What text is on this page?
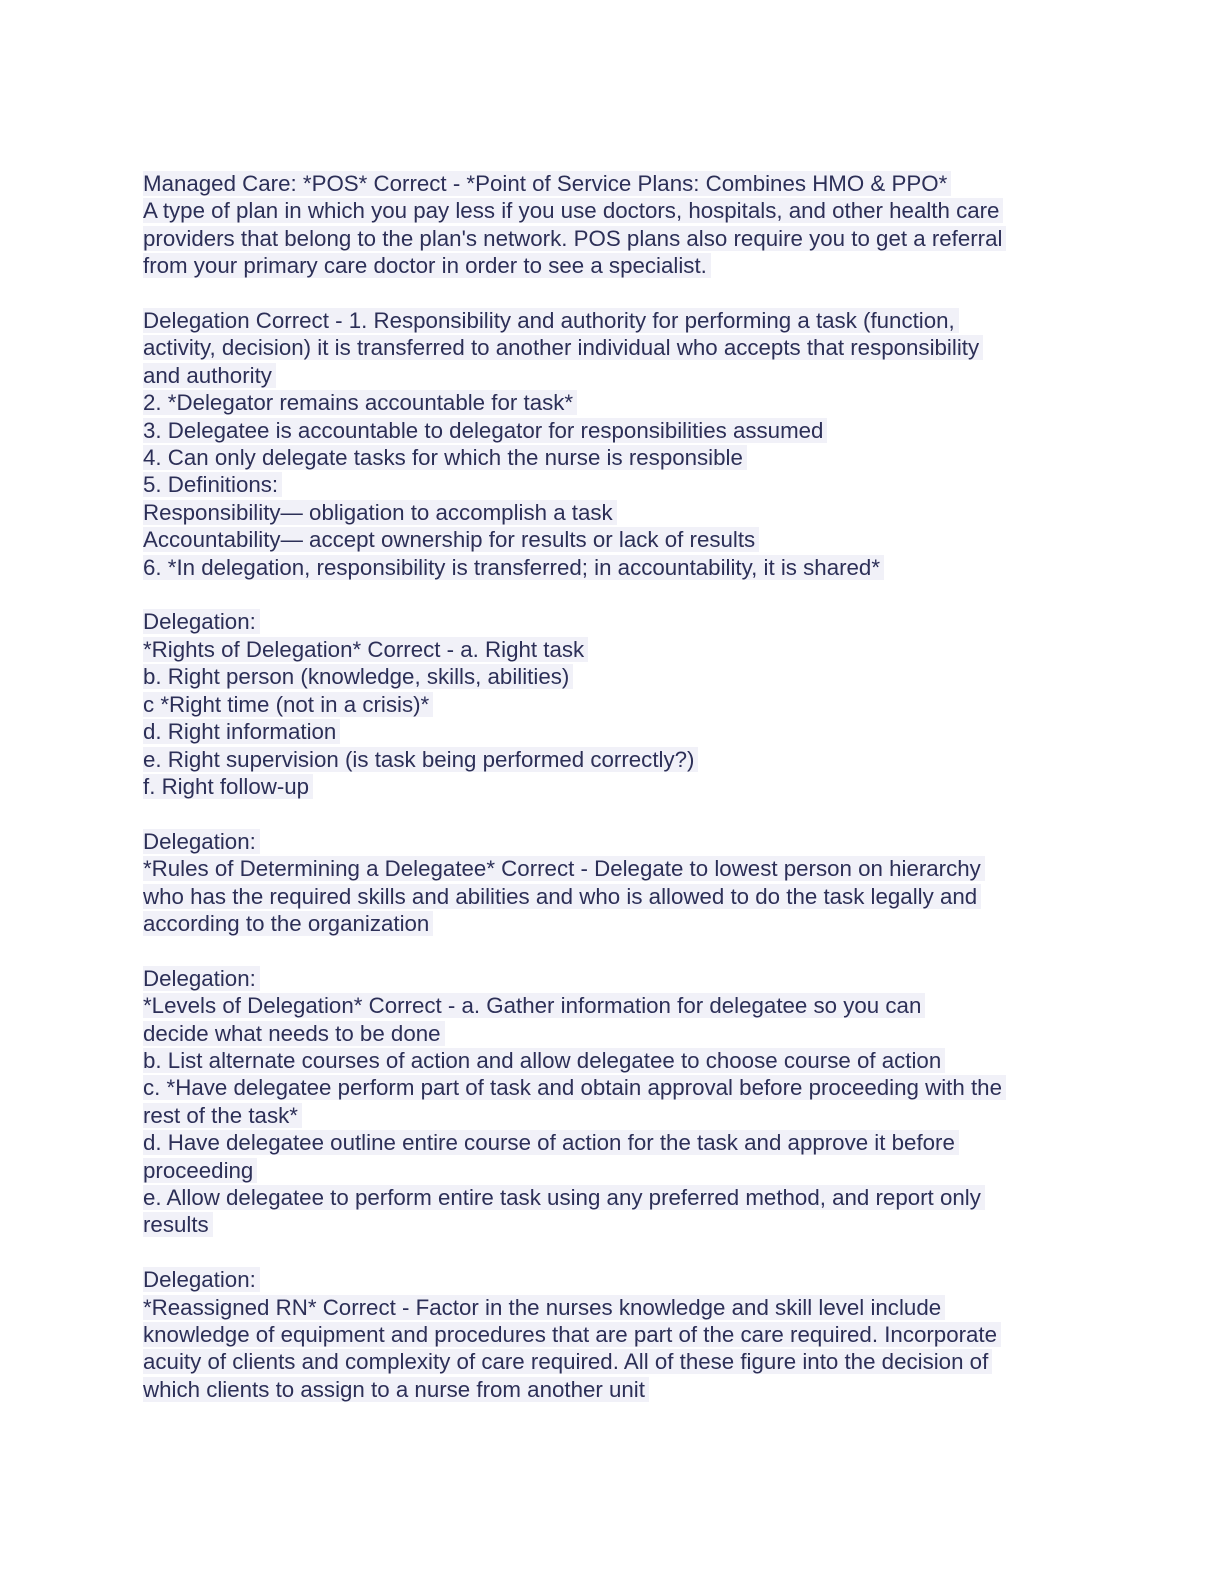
Managed Care: *POS* Correct - *Point of Service Plans: Combines HMO & PPO*
A type of plan in which you pay less if you use doctors, hospitals, and other health care
providers that belong to the plan's network. POS plans also require you to get a referral
from your primary care doctor in order to see a specialist.
Delegation Correct - 1. Responsibility and authority for performing a task (function,
activity, decision) it is transferred to another individual who accepts that responsibility
and authority
2. *Delegator remains accountable for task*
3. Delegatee is accountable to delegator for responsibilities assumed
4. Can only delegate tasks for which the nurse is responsible
5. Definitions:
Responsibility— obligation to accomplish a task
Accountability— accept ownership for results or lack of results
6. *In delegation, responsibility is transferred; in accountability, it is shared*
Delegation:
*Rights of Delegation* Correct - a. Right task
b. Right person (knowledge, skills, abilities)
c *Right time (not in a crisis)*
d. Right information
e. Right supervision (is task being performed correctly?)
f. Right follow-up
Delegation:
*Rules of Determining a Delegatee* Correct - Delegate to lowest person on hierarchy
who has the required skills and abilities and who is allowed to do the task legally and
according to the organization
Delegation:
*Levels of Delegation* Correct - a. Gather information for delegatee so you can
decide what needs to be done
b. List alternate courses of action and allow delegatee to choose course of action
c. *Have delegatee perform part of task and obtain approval before proceeding with the
rest of the task*
d. Have delegatee outline entire course of action for the task and approve it before
proceeding
e. Allow delegatee to perform entire task using any preferred method, and report only
results
Delegation:
*Reassigned RN* Correct - Factor in the nurses knowledge and skill level include
knowledge of equipment and procedures that are part of the care required. Incorporate
acuity of clients and complexity of care required. All of these figure into the decision of
which clients to assign to a nurse from another unit
